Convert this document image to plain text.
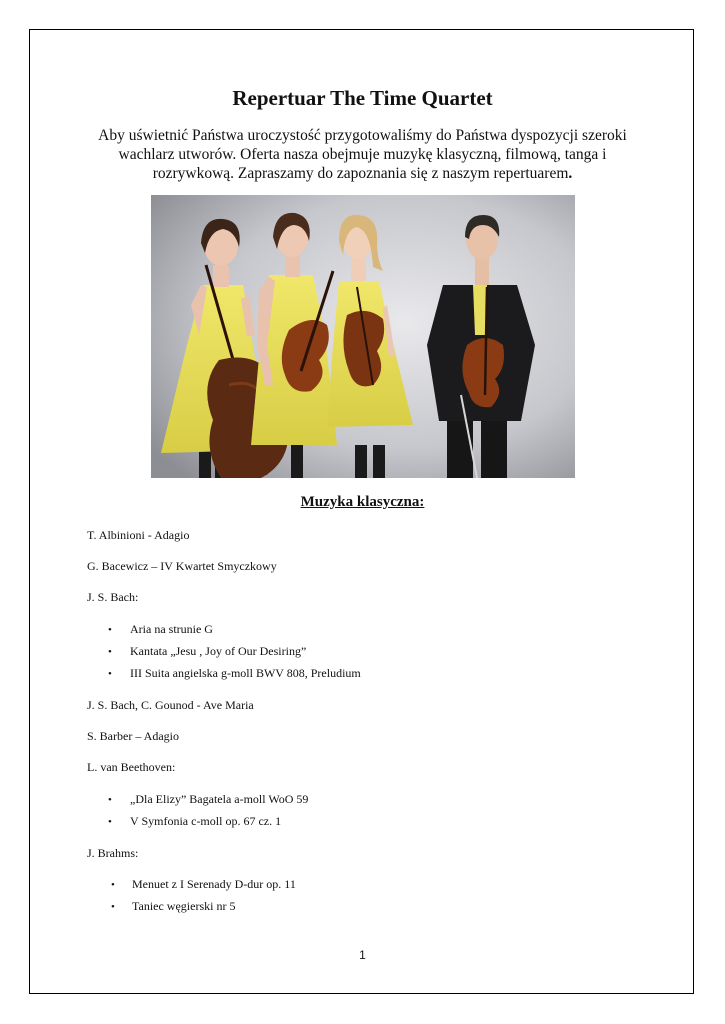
Repertuar The Time Quartet
Aby uświetnić Państwa uroczystość przygotowaliśmy do Państwa dyspozycji szeroki wachlarz utworów. Oferta nasza obejmuje muzykę klasyczną, filmową, tanga i rozrywkową. Zapraszamy do zapoznania się z naszym repertuarem.
Muzyka klasyczna:
T. Albinioni - Adagio
G. Bacewicz – IV Kwartet Smyczkowy
J. S. Bach:
• Aria na strunie G
• Kantata „Jesu , Joy of Our Desiring”
• III Suita angielska g-moll BWV 808, Preludium
J. S. Bach, C. Gounod - Ave Maria
S. Barber – Adagio
L. van Beethoven:
• „Dla Elizy” Bagatela a-moll WoO 59
• V Symfonia c-moll op. 67 cz. 1
J. Brahms:
• Menuet z I Serenady D-dur op. 11
• Taniec węgierski nr 5
1
